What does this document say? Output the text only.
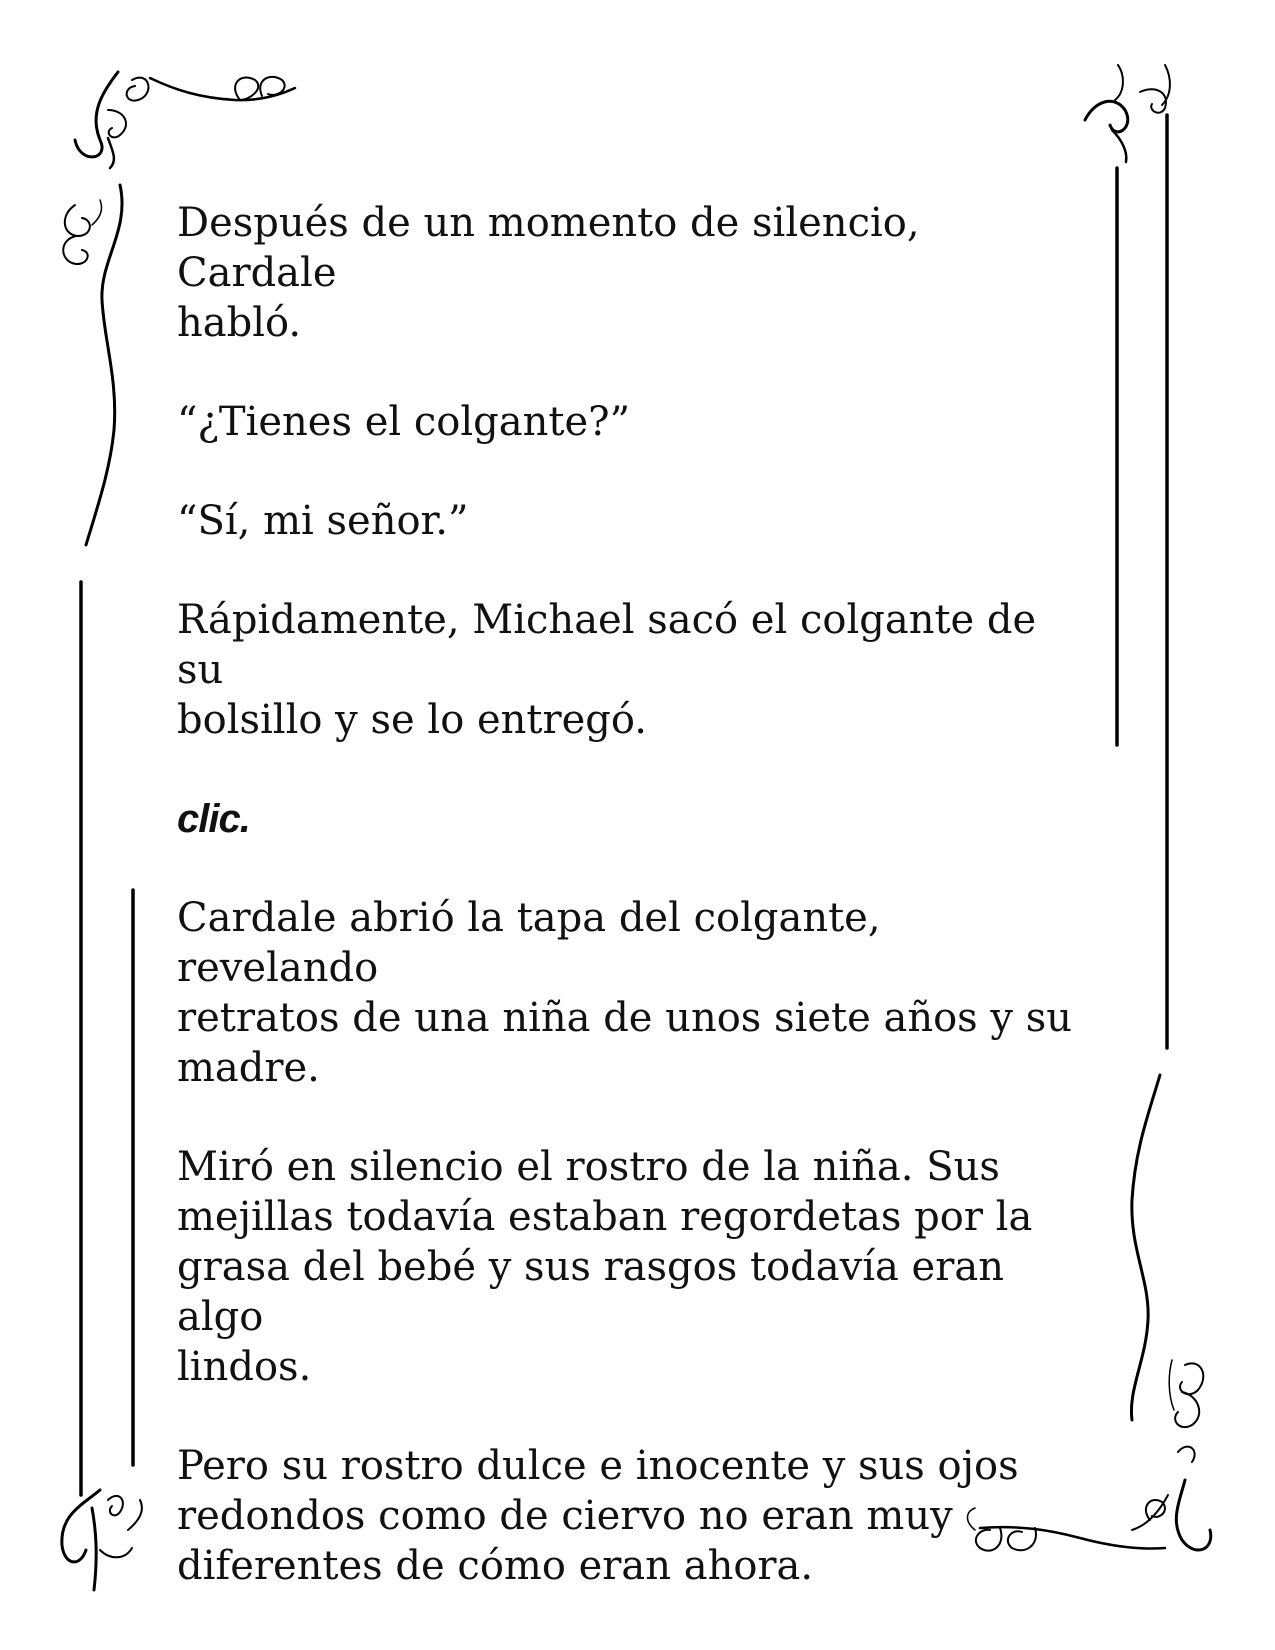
Después de un momento de silencio, Cardale
habló.

“¿Tienes el colgante?”

“Sí, mi señor.”

Rápidamente, Michael sacó el colgante de su
bolsillo y se lo entregó.

clic.

Cardale abrió la tapa del colgante, revelando
retratos de una niña de unos siete años y su
madre.

Miró en silencio el rostro de la niña. Sus
mejillas todavía estaban regordetas por la
grasa del bebé y sus rasgos todavía eran algo
lindos.

Pero su rostro dulce e inocente y sus ojos
redondos como de ciervo no eran muy
diferentes de cómo eran ahora.
